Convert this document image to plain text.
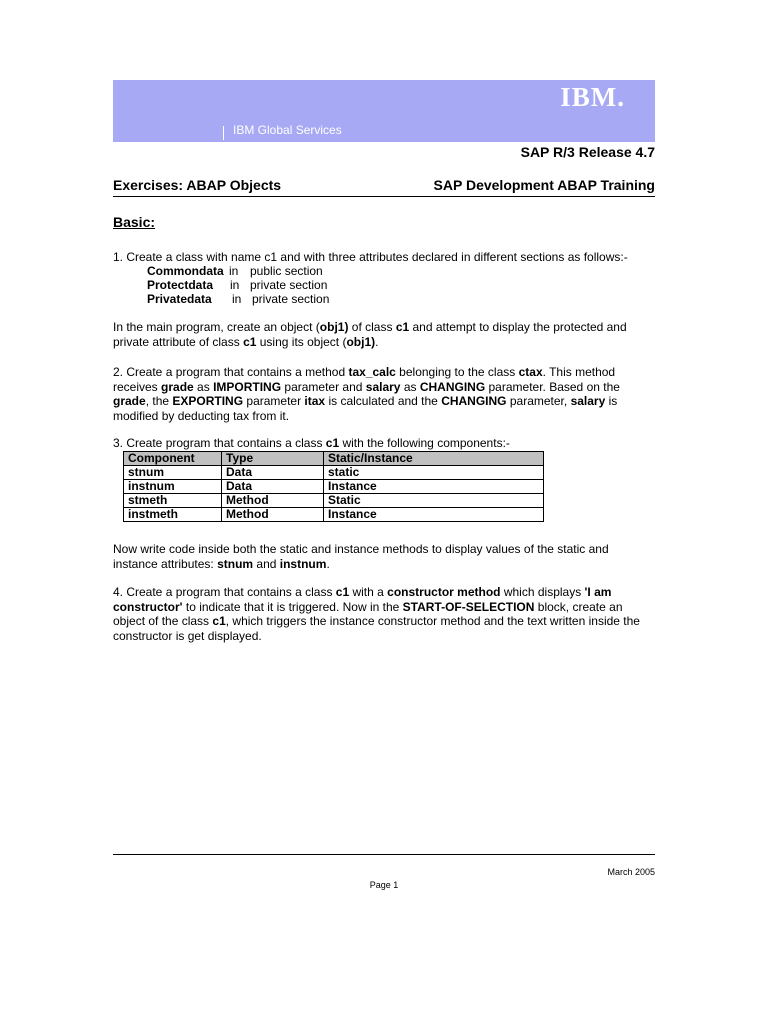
IBM Global Services
IBM.
SAP R/3 Release 4.7
Exercises: ABAP Objects	SAP Development ABAP Training
Basic:
1. Create a class with name c1 and with three attributes declared in different sections as follows:-
Commondata in public section
Protectdata in private section
Privatedata in private section
In the main program, create an object (obj1) of class c1 and attempt to display the protected and private attribute of class c1 using its object (obj1).
2. Create a program that contains a method tax_calc belonging to the class ctax. This method receives grade as IMPORTING parameter and salary as CHANGING parameter. Based on the grade, the EXPORTING parameter itax is calculated and the CHANGING parameter, salary is modified by deducting tax from it.
3. Create program that contains a class c1 with the following components:-
Component	Type	Static/Instance
stnum	Data	static
instnum	Data	Instance
stmeth	Method	Static
instmeth	Method	Instance
Now write code inside both the static and instance methods to display values of the static and instance attributes: stnum and instnum.
4. Create a program that contains a class c1 with a constructor method which displays 'I am constructor' to indicate that it is triggered. Now in the START-OF-SELECTION block, create an object of the class c1, which triggers the instance constructor method and the text written inside the constructor is get displayed.
March 2005
Page 1
